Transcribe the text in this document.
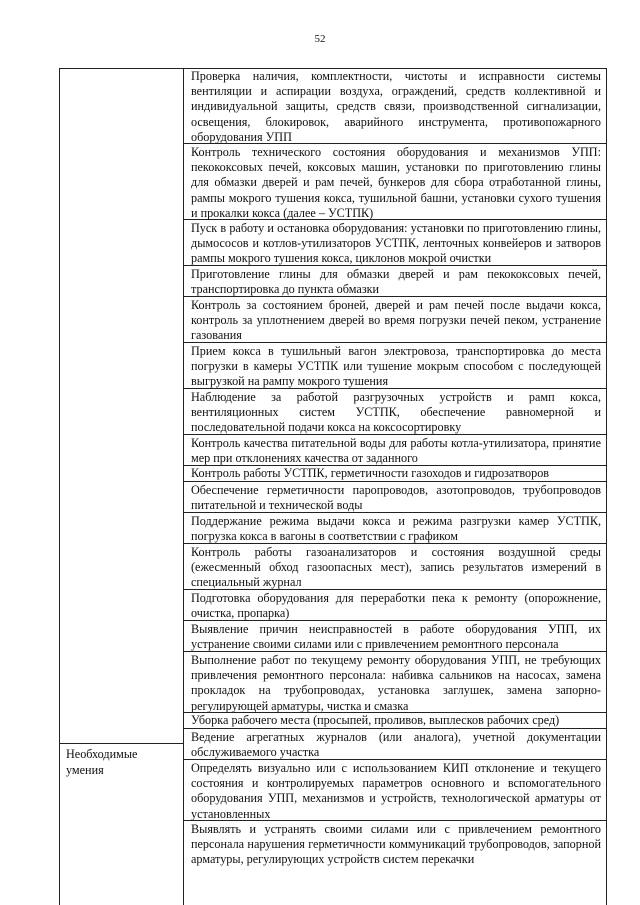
52
Необходимые умения
Проверка наличия, комплектности, чистоты и исправности системы вентиляции и аспирации воздуха, ограждений, средств коллективной и индивидуальной защиты, средств связи, производственной сигнализации, освещения, блокировок, аварийного инструмента, противопожарного оборудования УПП
Контроль технического состояния оборудования и механизмов УПП: пекококсовых печей, коксовых машин, установки по приготовлению глины для обмазки дверей и рам печей, бункеров для сбора отработанной глины, рампы мокрого тушения кокса, тушильной башни, установки сухого тушения и прокалки кокса (далее – УСТПК)
Пуск в работу и остановка оборудования: установки по приготовлению глины, дымососов и котлов-утилизаторов УСТПК, ленточных конвейеров и затворов рампы мокрого тушения кокса, циклонов мокрой очистки
Приготовление глины для обмазки дверей и рам пекококсовых печей, транспортировка до пункта обмазки
Контроль за состоянием броней, дверей и рам печей после выдачи кокса, контроль за уплотнением дверей во время погрузки печей пеком, устранение газования
Прием кокса в тушильный вагон электровоза, транспортировка до места погрузки в камеры УСТПК или тушение мокрым способом с последующей выгрузкой на рампу мокрого тушения
Наблюдение за работой разгрузочных устройств и рамп кокса, вентиляционных систем УСТПК, обеспечение равномерной и последовательной подачи кокса на коксосортировку
Контроль качества питательной воды для работы котла-утилизатора, принятие мер при отклонениях качества от заданного
Контроль работы УСТПК, герметичности газоходов и гидрозатворов
Обеспечение герметичности паропроводов, азотопроводов, трубопроводов питательной и технической воды
Поддержание режима выдачи кокса и режима разгрузки камер УСТПК, погрузка кокса в вагоны в соответствии с графиком
Контроль работы газоанализаторов и состояния воздушной среды (ежесменный обход газоопасных мест), запись результатов измерений в специальный журнал
Подготовка оборудования для переработки пека к ремонту (опорожнение, очистка, пропарка)
Выявление причин неисправностей в работе оборудования УПП, их устранение своими силами или с привлечением ремонтного персонала
Выполнение работ по текущему ремонту оборудования УПП, не требующих привлечения ремонтного персонала: набивка сальников на насосах, замена прокладок на трубопроводах, установка заглушек, замена запорно-регулирующей арматуры, чистка и смазка
Уборка рабочего места (просыпей, проливов, выплесков рабочих сред)
Ведение агрегатных журналов (или аналога), учетной документации обслуживаемого участка
Определять визуально или с использованием КИП отклонение и текущего состояния и контролируемых параметров основного и вспомогательного оборудования УПП, механизмов и устройств, технологической арматуры от установленных
Выявлять и устранять своими силами или с привлечением ремонтного персонала нарушения герметичности коммуникаций трубопроводов, запорной арматуры, регулирующих устройств систем перекачки
